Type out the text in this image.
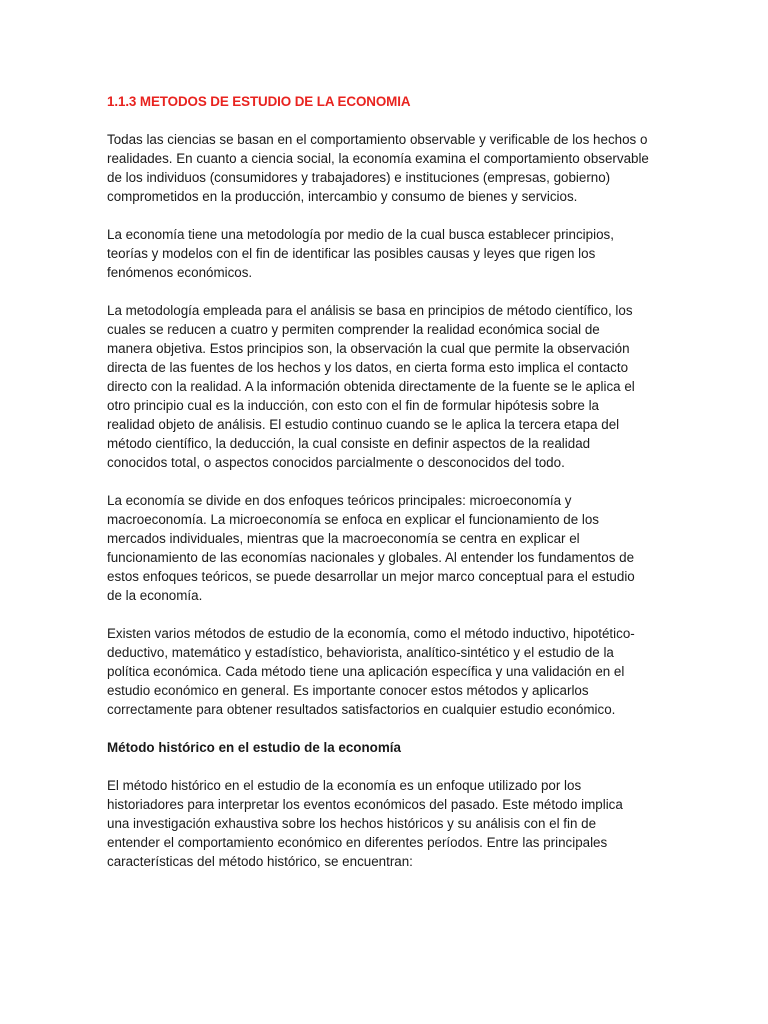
1.1.3 METODOS DE ESTUDIO DE LA ECONOMIA
Todas las ciencias se basan en el comportamiento observable y verificable de los hechos o
realidades. En cuanto a ciencia social, la economía examina el comportamiento observable
de los individuos (consumidores y trabajadores) e instituciones (empresas, gobierno)
comprometidos en la producción, intercambio y consumo de bienes y servicios.
La economía tiene una metodología por medio de la cual busca establecer principios,
teorías y modelos con el fin de identificar las posibles causas y leyes que rigen los
fenómenos económicos.
La metodología empleada para el análisis se basa en principios de método científico, los
cuales se reducen a cuatro y permiten comprender la realidad económica social de
manera objetiva. Estos principios son, la observación la cual que permite la observación
directa de las fuentes de los hechos y los datos, en cierta forma esto implica el contacto
directo con la realidad. A la información obtenida directamente de la fuente se le aplica el
otro principio cual es la inducción, con esto con el fin de formular hipótesis sobre la
realidad objeto de análisis. El estudio continuo cuando se le aplica la tercera etapa del
método científico, la deducción, la cual consiste en definir aspectos de la realidad
conocidos total, o aspectos conocidos parcialmente o desconocidos del todo.
La economía se divide en dos enfoques teóricos principales: microeconomía y
macroeconomía. La microeconomía se enfoca en explicar el funcionamiento de los
mercados individuales, mientras que la macroeconomía se centra en explicar el
funcionamiento de las economías nacionales y globales. Al entender los fundamentos de
estos enfoques teóricos, se puede desarrollar un mejor marco conceptual para el estudio
de la economía.
Existen varios métodos de estudio de la economía, como el método inductivo, hipotético-
deductivo, matemático y estadístico, behaviorista, analítico-sintético y el estudio de la
política económica. Cada método tiene una aplicación específica y una validación en el
estudio económico en general. Es importante conocer estos métodos y aplicarlos
correctamente para obtener resultados satisfactorios en cualquier estudio económico.
Método histórico en el estudio de la economía
El método histórico en el estudio de la economía es un enfoque utilizado por los
historiadores para interpretar los eventos económicos del pasado. Este método implica
una investigación exhaustiva sobre los hechos históricos y su análisis con el fin de
entender el comportamiento económico en diferentes períodos. Entre las principales
características del método histórico, se encuentran:
